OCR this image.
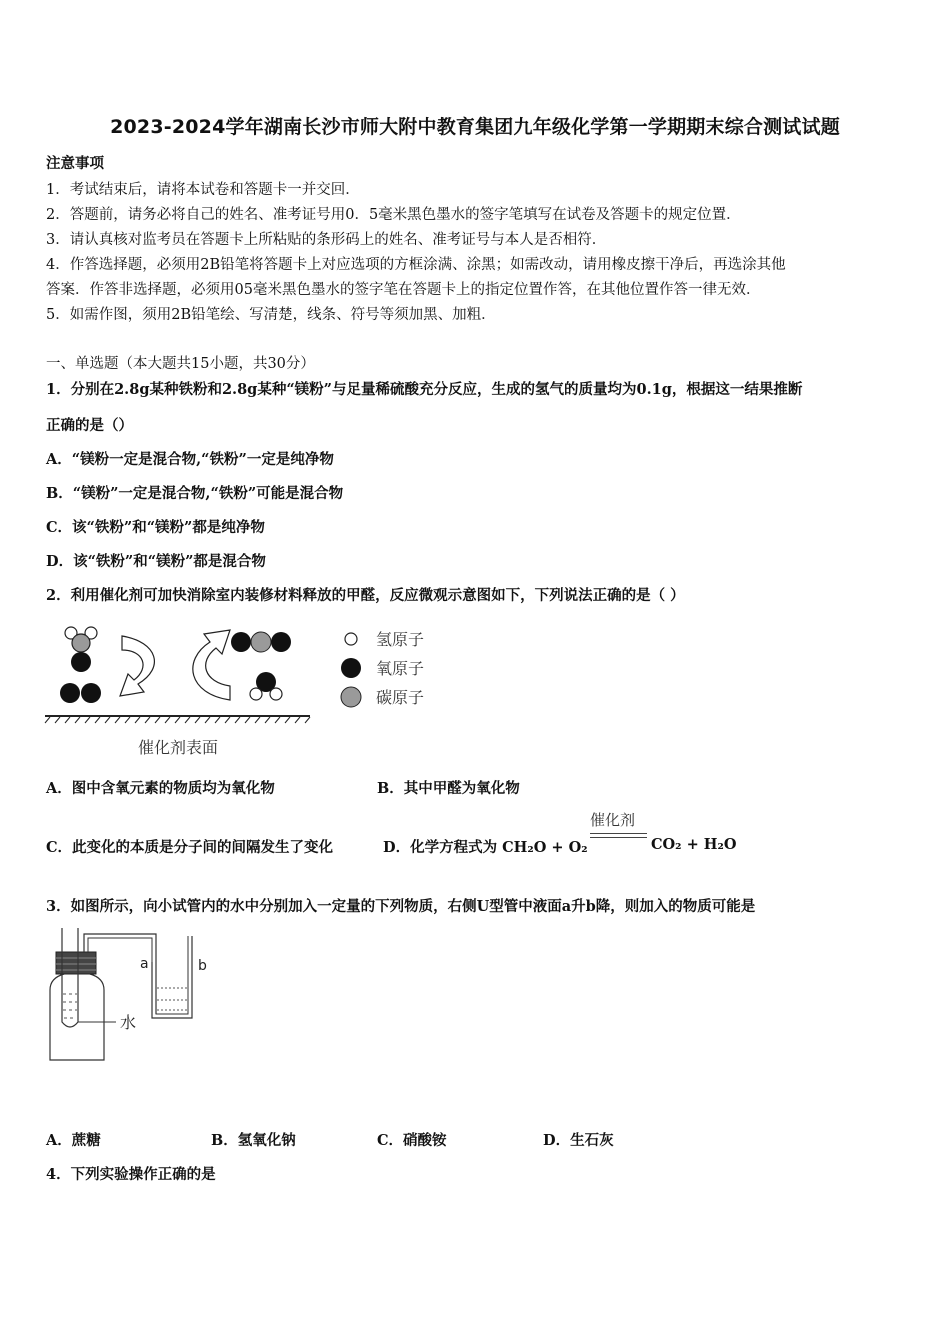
2023-2024学年湖南长沙市师大附中教育集团九年级化学第一学期期末综合测试试题
注意事项
1．考试结束后，请将本试卷和答题卡一并交回．
2．答题前，请务必将自己的姓名、准考证号用0．5毫米黑色墨水的签字笔填写在试卷及答题卡的规定位置．
3．请认真核对监考员在答题卡上所粘贴的条形码上的姓名、准考证号与本人是否相符．
4．作答选择题，必须用2B铅笔将答题卡上对应选项的方框涂满、涂黑；如需改动，请用橡皮擦干净后，再选涂其他
答案．作答非选择题，必须用05毫米黑色墨水的签字笔在答题卡上的指定位置作答，在其他位置作答一律无效．
5．如需作图，须用2B铅笔绘、写清楚，线条、符号等须加黑、加粗．
一、单选题（本大题共15小题，共30分）
1．分别在2.8g某种铁粉和2.8g某种“镁粉”与足量稀硫酸充分反应，生成的氢气的质量均为0.1g，根据这一结果推断
正确的是（）
A．“镁粉一定是混合物,“铁粉”一定是纯净物
B．“镁粉”一定是混合物,“铁粉”可能是混合物
C．该“铁粉”和“镁粉”都是纯净物
D．该“铁粉”和“镁粉”都是混合物
2．利用催化剂可加快消除室内装修材料释放的甲醛，反应微观示意图如下，下列说法正确的是（ ）
氢原子
氧原子
碳原子
催化剂表面
A．图中含氧元素的物质均为氧化物	B．其中甲醛为氧化物
C．此变化的本质是分子间的间隔发生了变化	D．化学方程式为 CH₂O + O₂
催化剂
CO₂ + H₂O
3．如图所示，向小试管内的水中分别加入一定量的下列物质，右侧U型管中液面a升b降，则加入的物质可能是
a	b
水
A．蔗糖	B．氢氧化钠	C．硝酸铵	D．生石灰
4．下列实验操作正确的是
